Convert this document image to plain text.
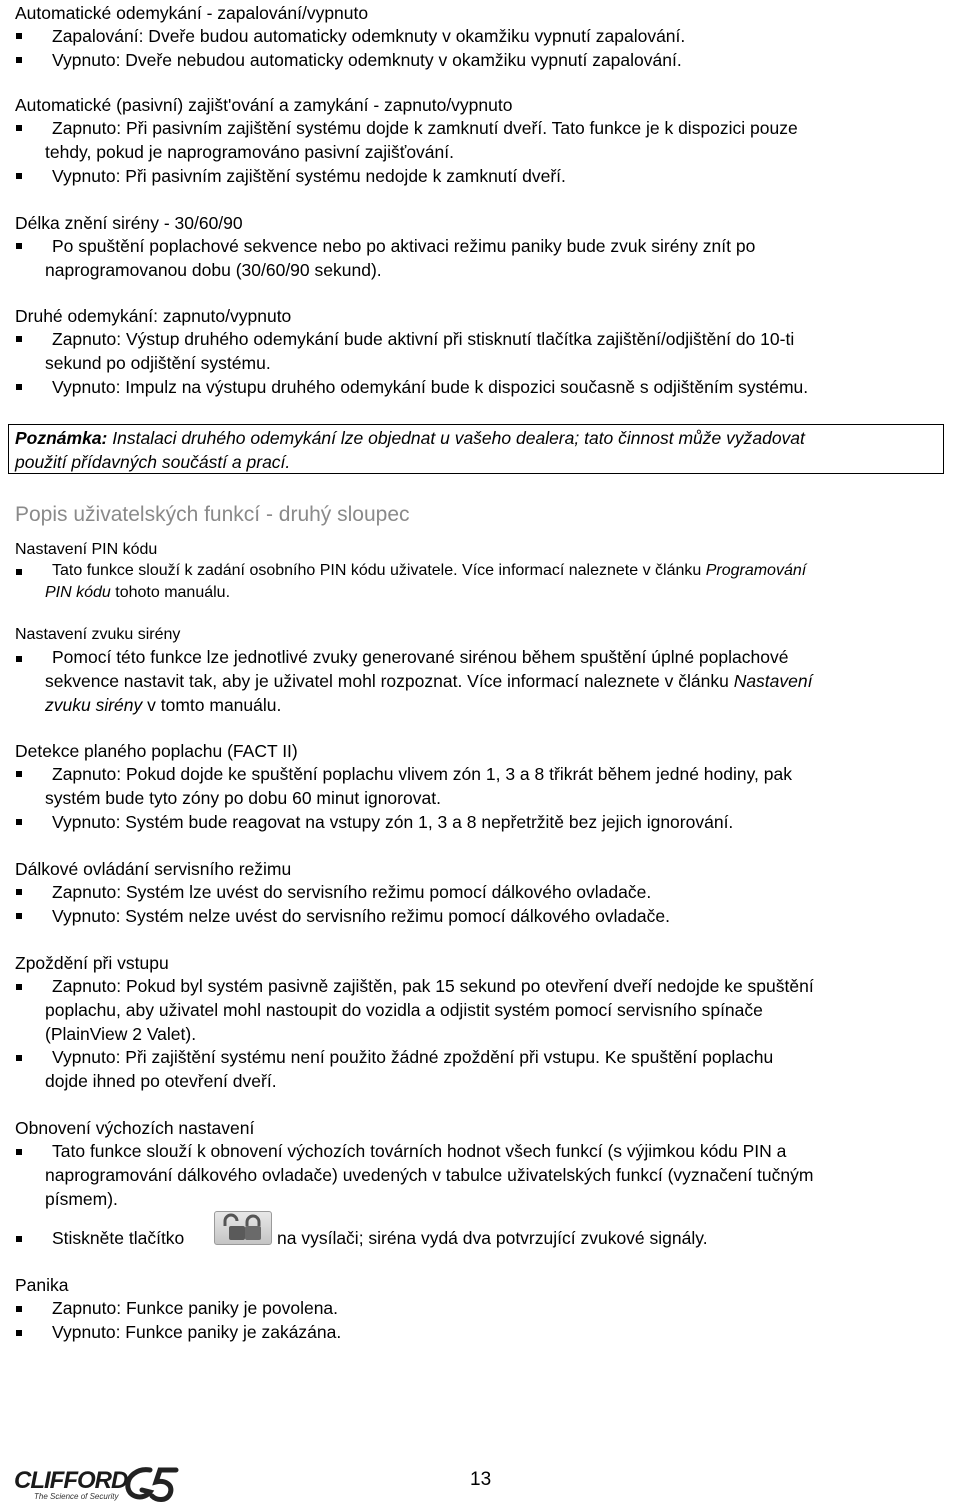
Automatické odemykání - zapalování/vypnuto
Zapalování: Dveře budou automaticky odemknuty v okamžiku vypnutí zapalování.
Vypnuto: Dveře nebudou automaticky odemknuty v okamžiku vypnutí zapalování.
Automatické (pasivní) zajišt'ování a zamykání - zapnuto/vypnuto
Zapnuto: Při pasivním zajištění systému dojde k zamknutí dveří. Tato funkce je k dispozici pouze
tehdy, pokud je naprogramováno pasivní zajišťování.
Vypnuto: Při pasivním zajištění systému nedojde k zamknutí dveří.
Délka znění sirény - 30/60/90
Po spuštění poplachové sekvence nebo po aktivaci režimu paniky bude zvuk sirény znít po
naprogramovanou dobu (30/60/90 sekund).
Druhé odemykání: zapnuto/vypnuto
Zapnuto: Výstup druhého odemykání bude aktivní při stisknutí tlačítka zajištění/odjištění do 10-ti
sekund po odjištění systému.
Vypnuto: Impulz na výstupu druhého odemykání bude k dispozici současně s odjištěním systému.
Poznámka: Instalaci druhého odemykání lze objednat u vašeho dealera; tato činnost může vyžadovat
použití přídavných součástí a prací.
Popis uživatelských funkcí - druhý sloupec
Nastavení PIN kódu
Tato funkce slouží k zadání osobního PIN kódu uživatele. Více informací naleznete v článku Programování
PIN kódu tohoto manuálu.
Nastavení zvuku sirény
Pomocí této funkce lze jednotlivé zvuky generované sirénou během spuštění úplné poplachové
sekvence nastavit tak, aby je uživatel mohl rozpoznat. Více informací naleznete v článku Nastavení
zvuku sirény v tomto manuálu.
Detekce planého poplachu (FACT II)
Zapnuto: Pokud dojde ke spuštění poplachu vlivem zón 1, 3 a 8 třikrát během jedné hodiny, pak
systém bude tyto zóny po dobu 60 minut ignorovat.
Vypnuto: Systém bude reagovat na vstupy zón 1, 3 a 8 nepřetržitě bez jejich ignorování.
Dálkové ovládání servisního režimu
Zapnuto: Systém lze uvést do servisního režimu pomocí dálkového ovladače.
Vypnuto: Systém nelze uvést do servisního režimu pomocí dálkového ovladače.
Zpoždění při vstupu
Zapnuto: Pokud byl systém pasivně zajištěn, pak 15 sekund po otevření dveří nedojde ke spuštění
poplachu, aby uživatel mohl nastoupit do vozidla a odjistit systém pomocí servisního spínače
(PlainView 2 Valet).
Vypnuto: Při zajištění systému není použito žádné zpoždění při vstupu. Ke spuštění poplachu
dojde ihned po otevření dveří.
Obnovení výchozích nastavení
Tato funkce slouží k obnovení výchozích továrních hodnot všech funkcí (s výjimkou kódu PIN a
naprogramování dálkového ovladače) uvedených v tabulce uživatelských funkcí (vyznačení tučným
písmem).
Stiskněte tlačítko	na vysílači; siréna vydá dva potvrzující zvukové signály.
Panika
Zapnuto: Funkce paniky je povolena.
Vypnuto: Funkce paniky je zakázána.
CLIFFORD
The Science of Security
13
